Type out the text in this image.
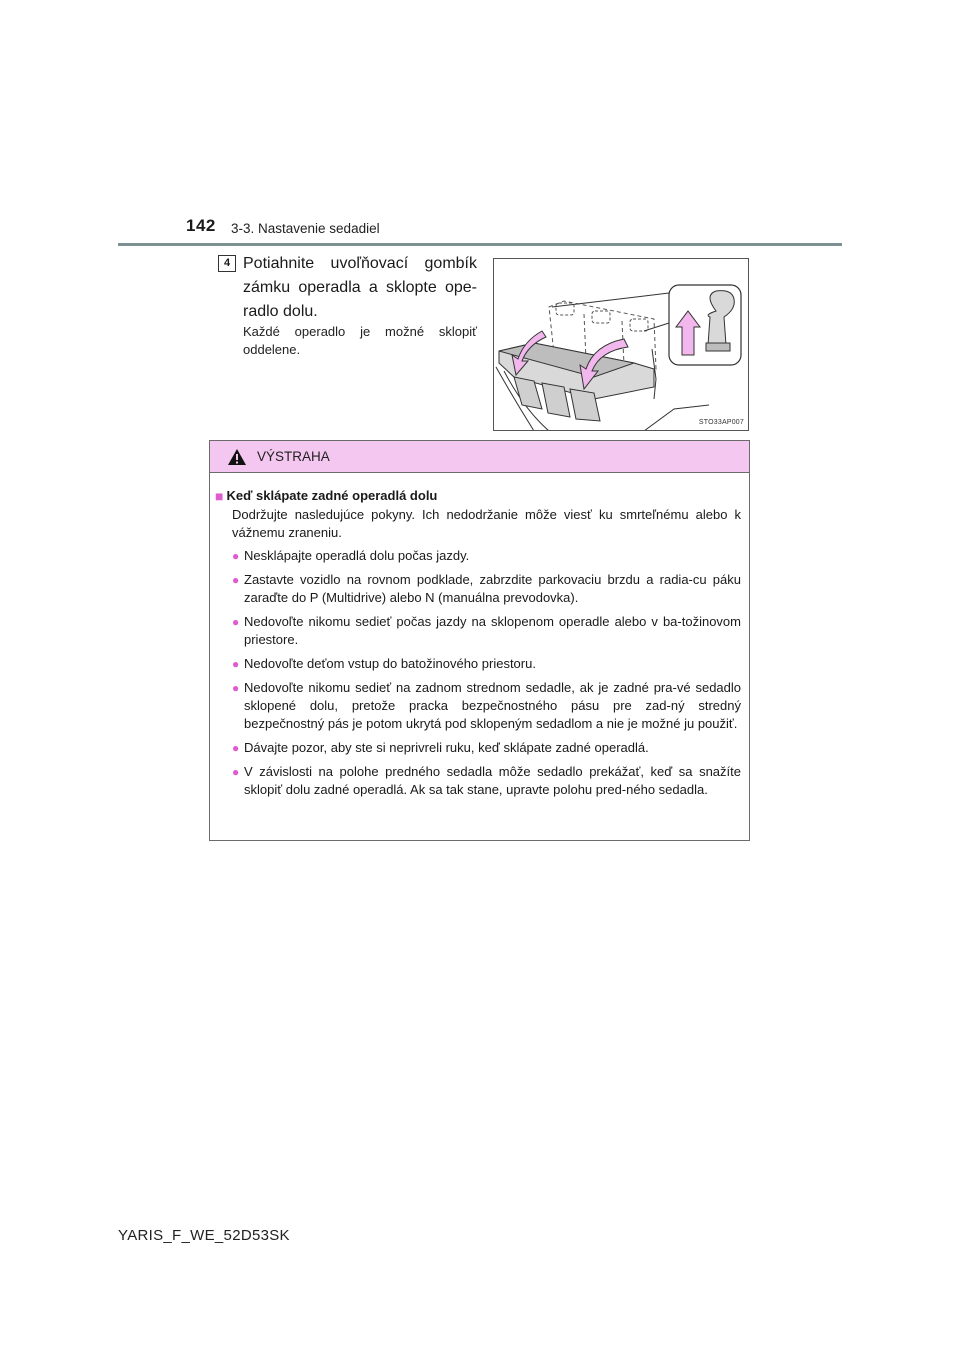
142 3-3. Nastavenie sedadiel
4 Potiahnite uvoľňovací gombík zámku operadla a sklopte ope-radlo dolu.
Každé operadlo je možné sklopiť oddelene.
STO33AP007
VÝSTRAHA
■ Keď sklápate zadné operadlá dolu
Dodržujte nasledujúce pokyny. Ich nedodržanie môže viesť ku smrteľnému alebo k vážnemu zraneniu.
● Nesklápajte operadlá dolu počas jazdy.
● Zastavte vozidlo na rovnom podklade, zabrzdite parkovaciu brzdu a radia-cu páku zaraďte do P (Multidrive) alebo N (manuálna prevodovka).
● Nedovoľte nikomu sedieť počas jazdy na sklopenom operadle alebo v ba-tožinovom priestore.
● Nedovoľte deťom vstup do batožinového priestoru.
● Nedovoľte nikomu sedieť na zadnom strednom sedadle, ak je zadné pra-vé sedadlo sklopené dolu, pretože pracka bezpečnostného pásu pre zad-ný stredný bezpečnostný pás je potom ukrytá pod sklopeným sedadlom a nie je možné ju použiť.
● Dávajte pozor, aby ste si neprivreli ruku, keď sklápate zadné operadlá.
● V závislosti na polohe predného sedadla môže sedadlo prekážať, keď sa snažíte sklopiť dolu zadné operadlá. Ak sa tak stane, upravte polohu pred-ného sedadla.
YARIS_F_WE_52D53SK
